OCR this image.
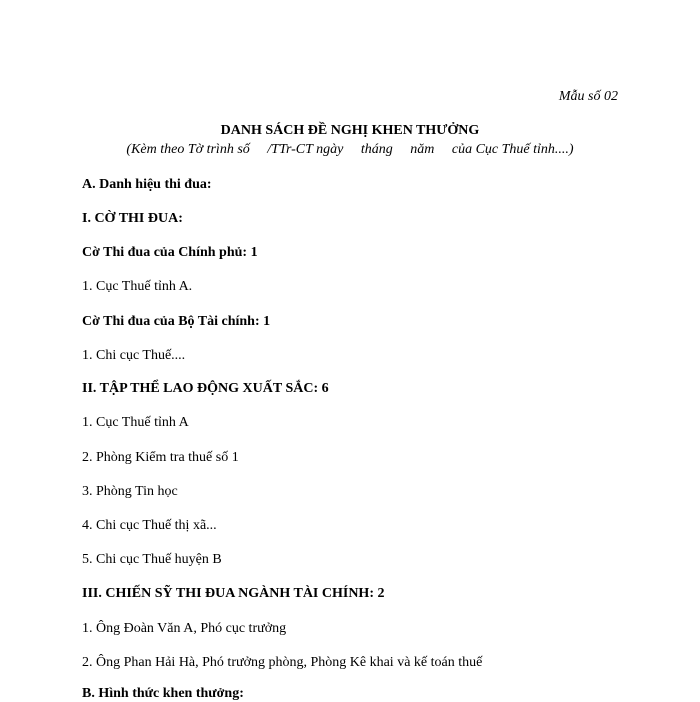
Mẫu số 02
DANH SÁCH ĐỀ NGHỊ KHEN THƯỞNG
(Kèm theo Tờ trình số     /TTr-CT ngày     tháng     năm     của Cục Thuế tỉnh....)
A. Danh hiệu thi đua:
I. CỜ THI ĐUA:
Cờ Thi đua của Chính phủ: 1
1. Cục Thuế tỉnh A.
Cờ Thi đua của Bộ Tài chính: 1
1. Chi cục Thuế....
II. TẬP THỂ LAO ĐỘNG XUẤT SẮC: 6
1. Cục Thuế tỉnh A
2. Phòng Kiểm tra thuế số 1
3. Phòng Tin học
4. Chi cục Thuế thị xã...
5. Chi cục Thuế huyện B
III. CHIẾN SỸ THI ĐUA NGÀNH TÀI CHÍNH: 2
1. Ông Đoàn Văn A, Phó cục trưởng
2. Ông Phan Hải Hà, Phó trưởng phòng, Phòng Kê khai và kế toán thuế
B. Hình thức khen thưởng:
